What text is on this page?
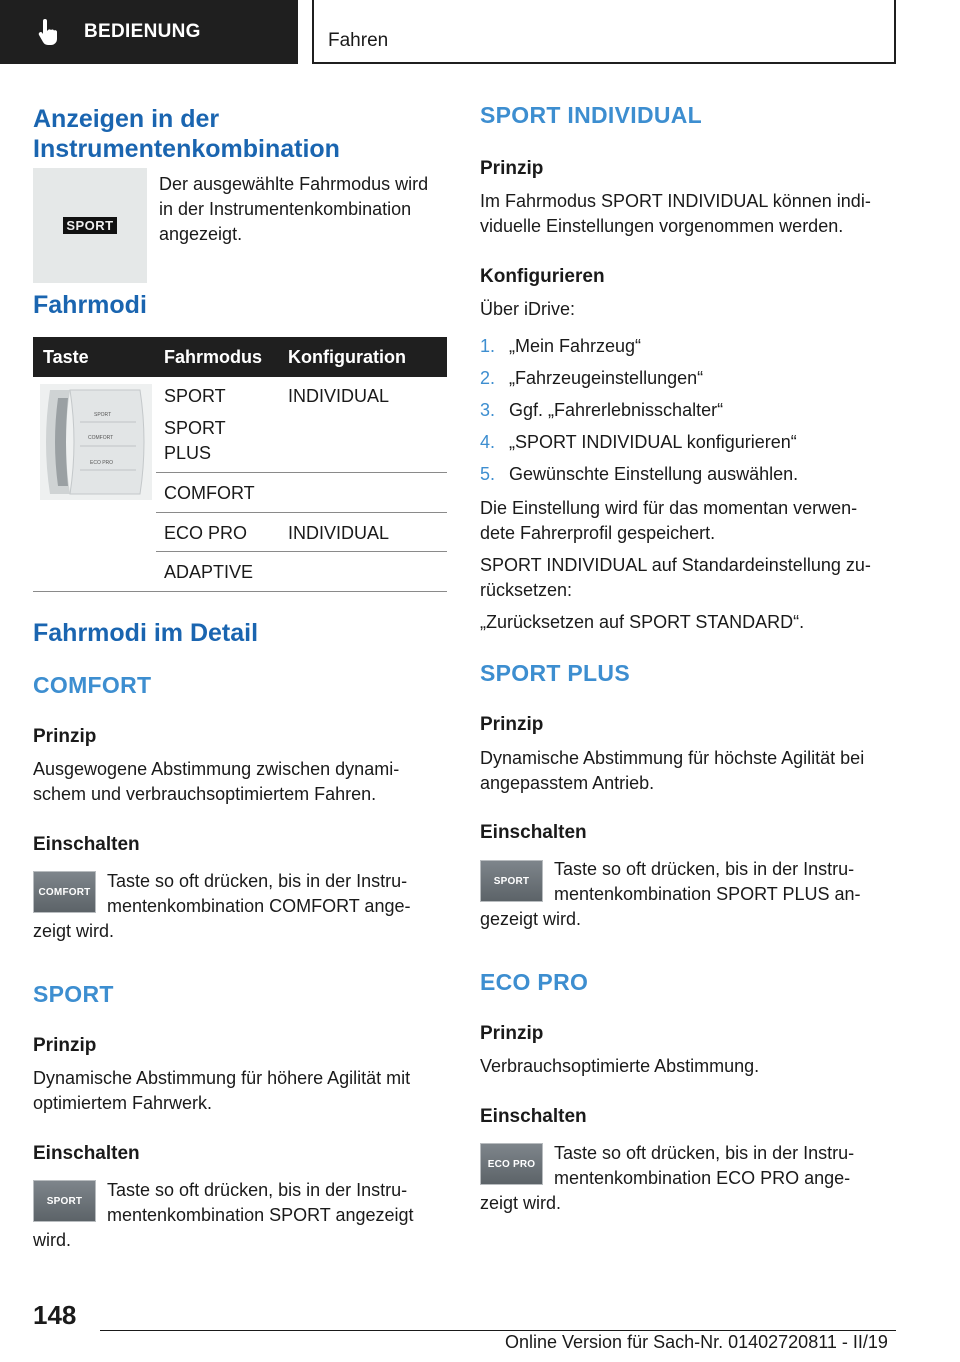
BEDIENUNG	Fahren
Anzeigen in der
Instrumentenkombination
SPORT
Der ausgewählte Fahrmodus wird
in der Instrumentenkombination
angezeigt.
Fahrmodi
Taste	Fahrmodus Konfiguration
SPORT
COMFORT
ECO PRO
SPORT
SPORT
PLUS
INDIVIDUAL
COMFORT
ECO PRO INDIVIDUAL
ADAPTIVE
Fahrmodi im Detail
COMFORT
Prinzip
Ausgewogene Abstimmung zwischen dynami-
schem und verbrauchsoptimiertem Fahren.
Einschalten
COMFORT
Taste so oft drücken, bis in der Instru-
mentenkombination COMFORT ange-
zeigt wird.
SPORT
Prinzip
Dynamische Abstimmung für höhere Agilität mit
optimiertem Fahrwerk.
Einschalten
SPORT
Taste so oft drücken, bis in der Instru-
mentenkombination SPORT angezeigt
wird.
SPORT INDIVIDUAL
Prinzip
Im Fahrmodus SPORT INDIVIDUAL können indi-
viduelle Einstellungen vorgenommen werden.
Konfigurieren
Über iDrive:
1. „Mein Fahrzeug“
2. „Fahrzeugeinstellungen“
3. Ggf. „Fahrerlebnisschalter“
4. „SPORT INDIVIDUAL konfigurieren“
5. Gewünschte Einstellung auswählen.
Die Einstellung wird für das momentan verwen-
dete Fahrerprofil gespeichert.
SPORT INDIVIDUAL auf Standardeinstellung zu-
rücksetzen:
„Zurücksetzen auf SPORT STANDARD“.
SPORT PLUS
Prinzip
Dynamische Abstimmung für höchste Agilität bei
angepasstem Antrieb.
Einschalten
SPORT
Taste so oft drücken, bis in der Instru-
mentenkombination SPORT PLUS an-
gezeigt wird.
ECO PRO
Prinzip
Verbrauchsoptimierte Abstimmung.
Einschalten
ECO PRO
Taste so oft drücken, bis in der Instru-
mentenkombination ECO PRO ange-
zeigt wird.
148
Online Version für Sach-Nr. 01402720811 - II/19
